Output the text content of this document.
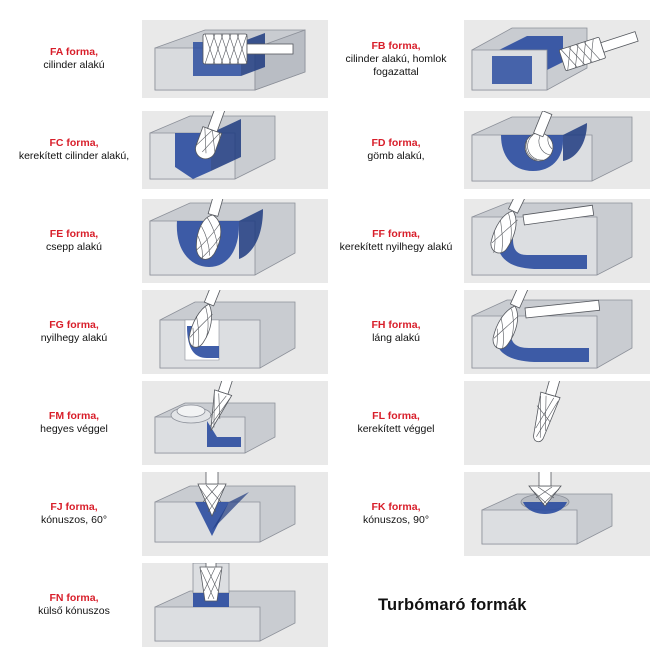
FA forma,
cilinder alakú
FB forma,
cilinder alakú, homlok fogazattal
FC forma,
kerekített cilinder alakú,
FD forma,
gömb alakú,
FE forma,
csepp alakú
FF forma,
kerekített nyilhegy alakú
FG forma,
nyilhegy alakú
FH forma,
láng alakú
FM forma,
hegyes véggel
FL forma,
kerekített véggel
FJ forma,
kónuszos, 60°
FK forma,
kónuszos, 90°
FN forma,
külső kónuszos	Turbómaró formák
